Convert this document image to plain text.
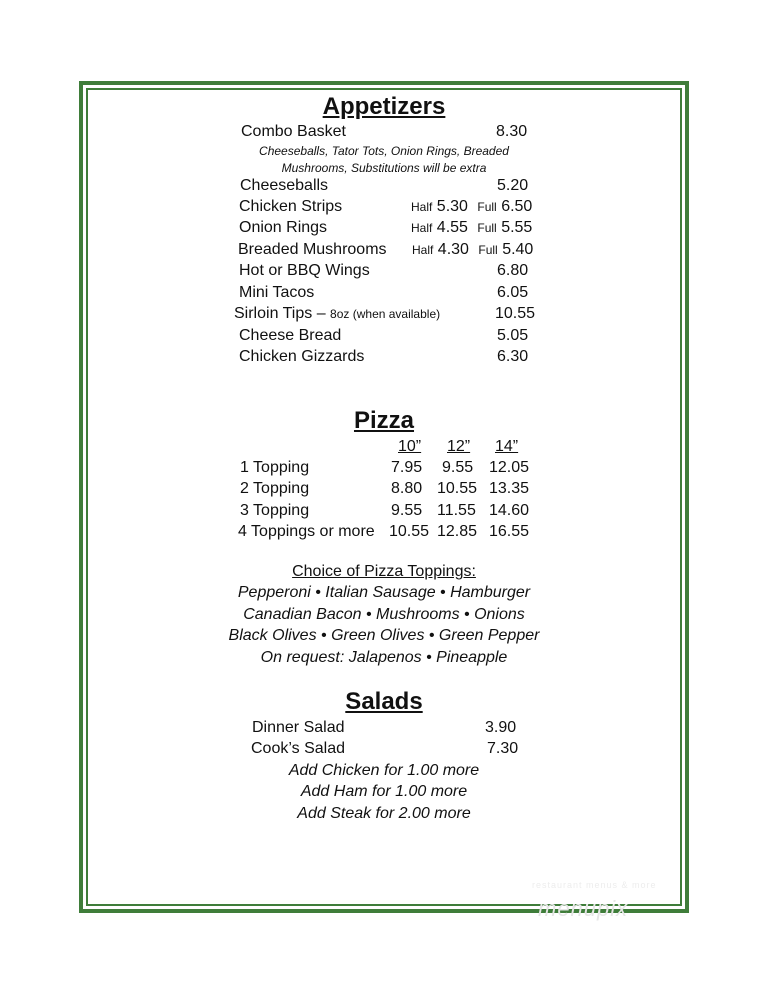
Appetizers
Combo Basket	8.30
Cheeseballs, Tator Tots, Onion Rings, Breaded
Mushrooms, Substitutions will be extra
Cheeseballs	5.20
Chicken Strips	Half 5.30 Full 6.50
Onion Rings	Half 4.55 Full 5.55
Breaded Mushrooms Half 4.30 Full 5.40
Hot or BBQ Wings	6.80
Mini Tacos	6.05
Sirloin Tips – 8oz (when available)	10.55
Cheese Bread	5.05
Chicken Gizzards	6.30
Pizza
10” 12” 14”
1 Topping	7.95 9.55 12.05
2 Topping	8.80 10.55 13.35
3 Topping	9.55 11.55 14.60
4 Toppings or more 10.55 12.85 16.55
Choice of Pizza Toppings:
Pepperoni • Italian Sausage • Hamburger
Canadian Bacon • Mushrooms • Onions
Black Olives • Green Olives • Green Pepper
On request: Jalapenos • Pineapple
Salads
Dinner Salad	3.90
Cook’s Salad	7.30
Add Chicken for 1.00 more
Add Ham for 1.00 more
Add Steak for 2.00 more
restaurant menus & more
menupix
